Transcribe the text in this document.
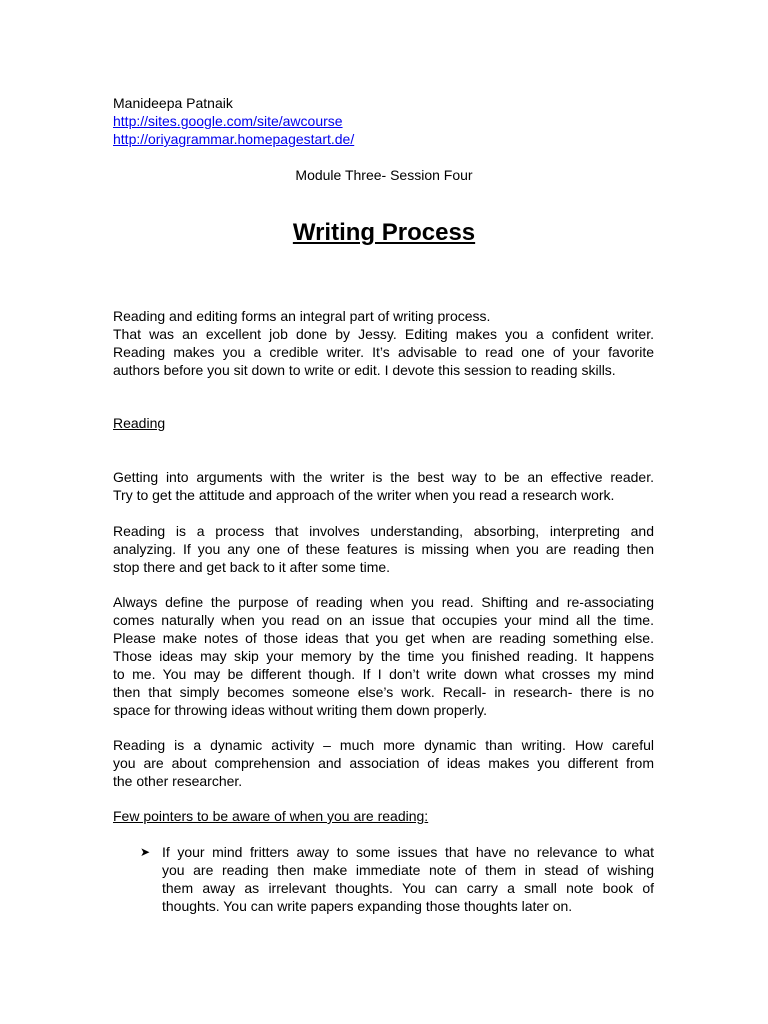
Manideepa Patnaik
http://sites.google.com/site/awcourse
http://oriyagrammar.homepagestart.de/
Module Three- Session Four
Writing Process
Reading and editing forms an integral part of writing process.
That was an excellent job done by Jessy. Editing makes you a confident writer.
Reading makes you a credible writer. It’s advisable to read one of your favorite
authors before you sit down to write or edit. I devote this session to reading skills.

Reading

Getting into arguments with the writer is the best way to be an effective reader.
Try to get the attitude and approach of the writer when you read a research work.
Reading is a process that involves understanding, absorbing, interpreting and
analyzing. If you any one of these features is missing when you are reading then
stop there and get back to it after some time.
Always define the purpose of reading when you read. Shifting and re-associating
comes naturally when you read on an issue that occupies your mind all the time.
Please make notes of those ideas that you get when are reading something else.
Those ideas may skip your memory by the time you finished reading. It happens
to me. You may be different though. If I don’t write down what crosses my mind
then that simply becomes someone else’s work. Recall- in research- there is no
space for throwing ideas without writing them down properly.
Reading is a dynamic activity – much more dynamic than writing. How careful
you are about comprehension and association of ideas makes you different from
the other researcher.

Few pointers to be aware of when you are reading:

➤ If your mind fritters away to some issues that have no relevance to what
you are reading then make immediate note of them in stead of wishing
them away as irrelevant thoughts. You can carry a small note book of
thoughts. You can write papers expanding those thoughts later on.
